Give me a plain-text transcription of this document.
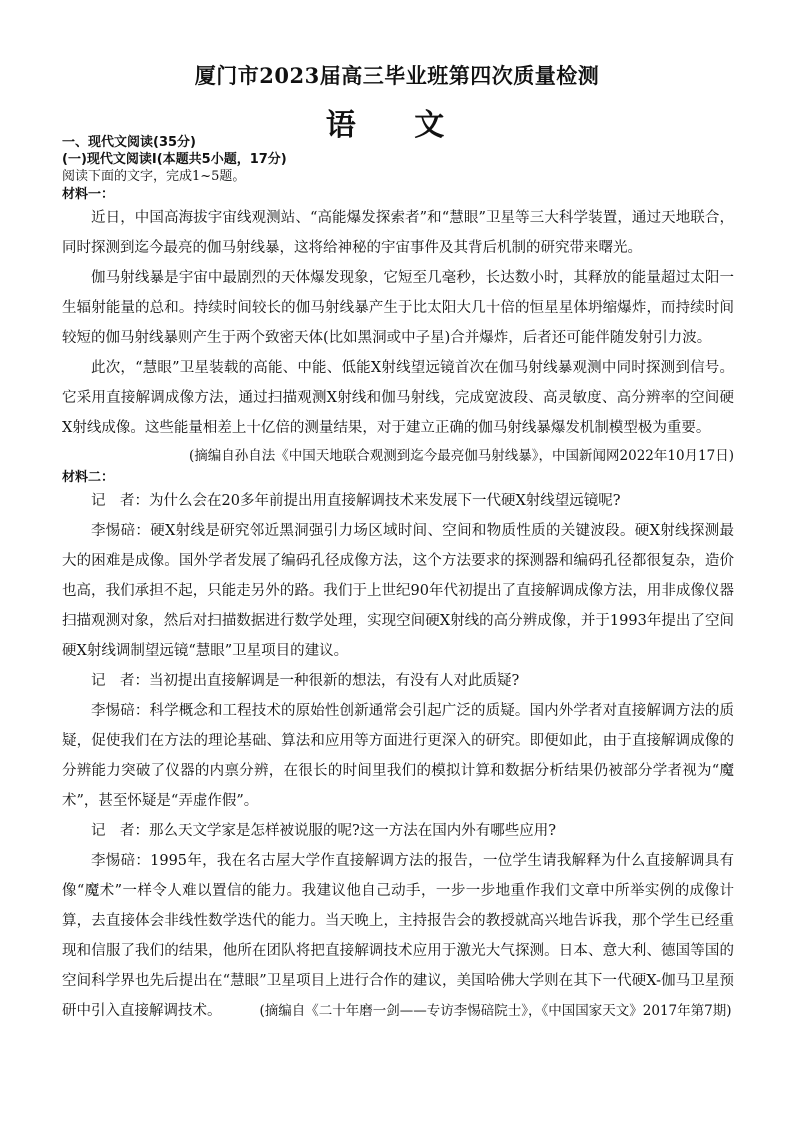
厦门市2023届高三毕业班第四次质量检测
语 文

一、现代文阅读(35分)

(一)现代文阅读Ⅰ(本题共5小题，17分)

阅读下面的文字，完成1~5题。

材料一：

近日，中国高海拔宇宙线观测站、“高能爆发探索者”和“慧眼”卫星等三大科学装置，通过天地联合，同时探测到迄今最亮的伽马射线暴，这将给神秘的宇宙事件及其背后机制的研究带来曙光。

伽马射线暴是宇宙中最剧烈的天体爆发现象，它短至几毫秒，长达数小时，其释放的能量超过太阳一生辐射能量的总和。持续时间较长的伽马射线暴产生于比太阳大几十倍的恒星星体坍缩爆炸，而持续时间较短的伽马射线暴则产生于两个致密天体(比如黑洞或中子星)合并爆炸，后者还可能伴随发射引力波。

此次，“慧眼”卫星装载的高能、中能、低能X射线望远镜首次在伽马射线暴观测中同时探测到信号。它采用直接解调成像方法，通过扫描观测X射线和伽马射线，完成宽波段、高灵敏度、高分辨率的空间硬X射线成像。这些能量相差上十亿倍的测量结果，对于建立正确的伽马射线暴爆发机制模型极为重要。

(摘编自孙自法《中国天地联合观测到迄今最亮伽马射线暴》，中国新闻网2022年10月17日)

材料二：

记　者：为什么会在20多年前提出用直接解调技术来发展下一代硬X射线望远镜呢?

李惕碚：硬X射线是研究邻近黑洞强引力场区域时间、空间和物质性质的关键波段。硬X射线探测最大的困难是成像。国外学者发展了编码孔径成像方法，这个方法要求的探测器和编码孔径都很复杂，造价也高，我们承担不起，只能走另外的路。我们于上世纪90年代初提出了直接解调成像方法，用非成像仪器扫描观测对象，然后对扫描数据进行数学处理，实现空间硬X射线的高分辨成像，并于1993年提出了空间硬X射线调制望远镜“慧眼”卫星项目的建议。

记　者：当初提出直接解调是一种很新的想法，有没有人对此质疑?

李惕碚：科学概念和工程技术的原始性创新通常会引起广泛的质疑。国内外学者对直接解调方法的质疑，促使我们在方法的理论基础、算法和应用等方面进行更深入的研究。即便如此，由于直接解调成像的分辨能力突破了仪器的内禀分辨，在很长的时间里我们的模拟计算和数据分析结果仍被部分学者视为“魔术”，甚至怀疑是“弄虚作假”。

记　者：那么天文学家是怎样被说服的呢?这一方法在国内外有哪些应用?

李惕碚：1995年，我在名古屋大学作直接解调方法的报告，一位学生请我解释为什么直接解调具有像“魔术”一样令人难以置信的能力。我建议他自己动手，一步一步地重作我们文章中所举实例的成像计算，去直接体会非线性数学迭代的能力。当天晚上，主持报告会的教授就高兴地告诉我，那个学生已经重现和信服了我们的结果，他所在团队将把直接解调技术应用于激光大气探测。日本、意大利、德国等国的空间科学界也先后提出在“慧眼”卫星项目上进行合作的建议，美国哈佛大学则在其下一代硬X-伽马卫星预研中引入直接解调技术。	(摘编自《二十年磨一剑——专访李惕碚院士》，《中国国家天文》2017年第7期)
